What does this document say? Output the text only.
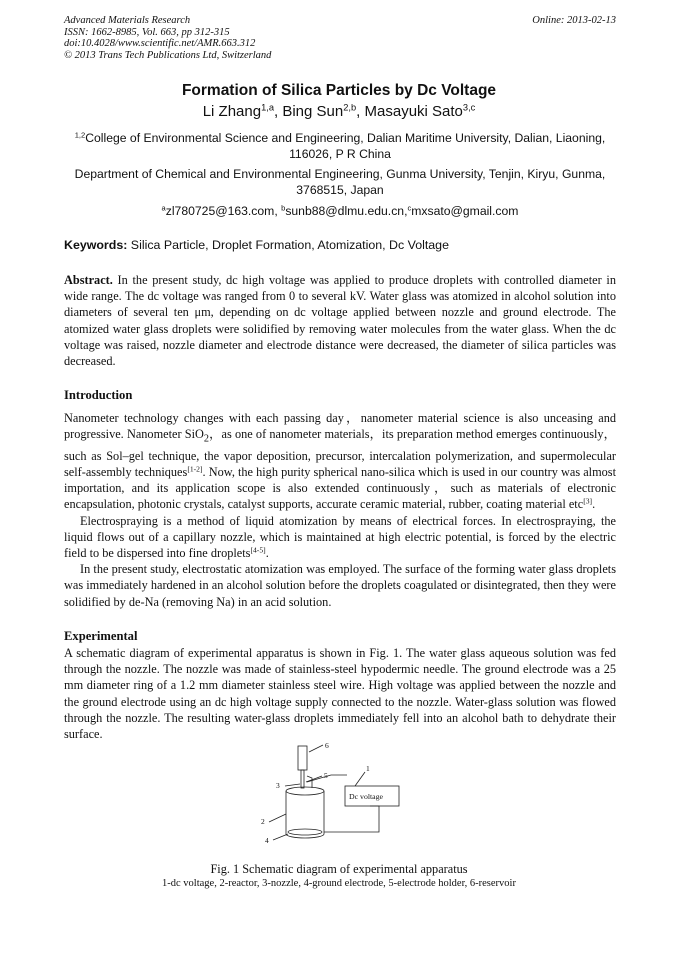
Advanced Materials Research
ISSN: 1662-8985, Vol. 663, pp 312-315
doi:10.4028/www.scientific.net/AMR.663.312
© 2013 Trans Tech Publications Ltd, Switzerland
Online: 2013-02-13
Formation of Silica Particles by Dc Voltage
Li Zhang$^{1,a}$, Bing Sun$^{2,b}$, Masayuki Sato$^{3,c}$
$^{1,2}$College of Environmental Science and Engineering, Dalian Maritime University, Dalian, Liaoning, 116026, P R China
Department of Chemical and Environmental Engineering, Gunma University, Tenjin, Kiryu, Gunma, 3768515, Japan
$^a$zl780725@163.com, $^b$sunb88@dlmu.edu.cn,$^c$mxsato@gmail.com
Keywords: Silica Particle, Droplet Formation, Atomization, Dc Voltage

Abstract. In the present study, dc high voltage was applied to produce droplets with controlled diameter in wide range. The dc voltage was ranged from 0 to several kV. Water glass was atomized in alcohol solution into diameters of several ten μm, depending on dc voltage applied between nozzle and ground electrode. The atomized water glass droplets were solidified by removing water molecules from the water glass. When the dc voltage was raised, nozzle diameter and electrode distance were decreased, the diameter of silica particles was decreased.

Introduction

Nanometer technology changes with each passing day，nanometer material science is also unceasing and progressive. Nanometer SiO$_2$，as one of nanometer materials，its preparation method emerges continuously，such as Sol–gel technique, the vapor deposition, precursor, intercalation polymerization, and supermolecular self-assembly techniques[1-2]. Now, the high purity spherical nano-silica which is used in our country was almost importation, and its application scope is also extended continuously，such as materials of electronic encapsulation, photonic crystals, catalyst supports, accurate ceramic material, rubber, coating material etc[3].

Electrospraying is a method of liquid atomization by means of electrical forces. In electrospraying, the liquid flows out of a capillary nozzle, which is maintained at high electric potential, is forced by the electric field to be dispersed into fine droplets[4-5].

In the present study, electrostatic atomization was employed. The surface of the forming water glass droplets was immediately hardened in an alcohol solution before the droplets coagulated or disintegrated, then they were solidified by de-Na (removing Na) in an acid solution.

Experimental

A schematic diagram of experimental apparatus is shown in Fig. 1. The water glass aqueous solution was fed through the nozzle. The nozzle was made of stainless-steel hypodermic needle. The ground electrode was a 25 mm diameter ring of a 1.2 mm diameter stainless steel wire. High voltage was applied between the nozzle and the ground electrode using an dc high voltage supply connected to the nozzle. Water-glass solution was flowed through the nozzle. The resulting water-glass droplets immediately fell into an alcohol bath to dehydrate their surface.

1
2
3
4
5
6
Dc voltage
Fig. 1 Schematic diagram of experimental apparatus
1-dc voltage, 2-reactor, 3-nozzle, 4-ground electrode, 5-electrode holder, 6-reservoir
